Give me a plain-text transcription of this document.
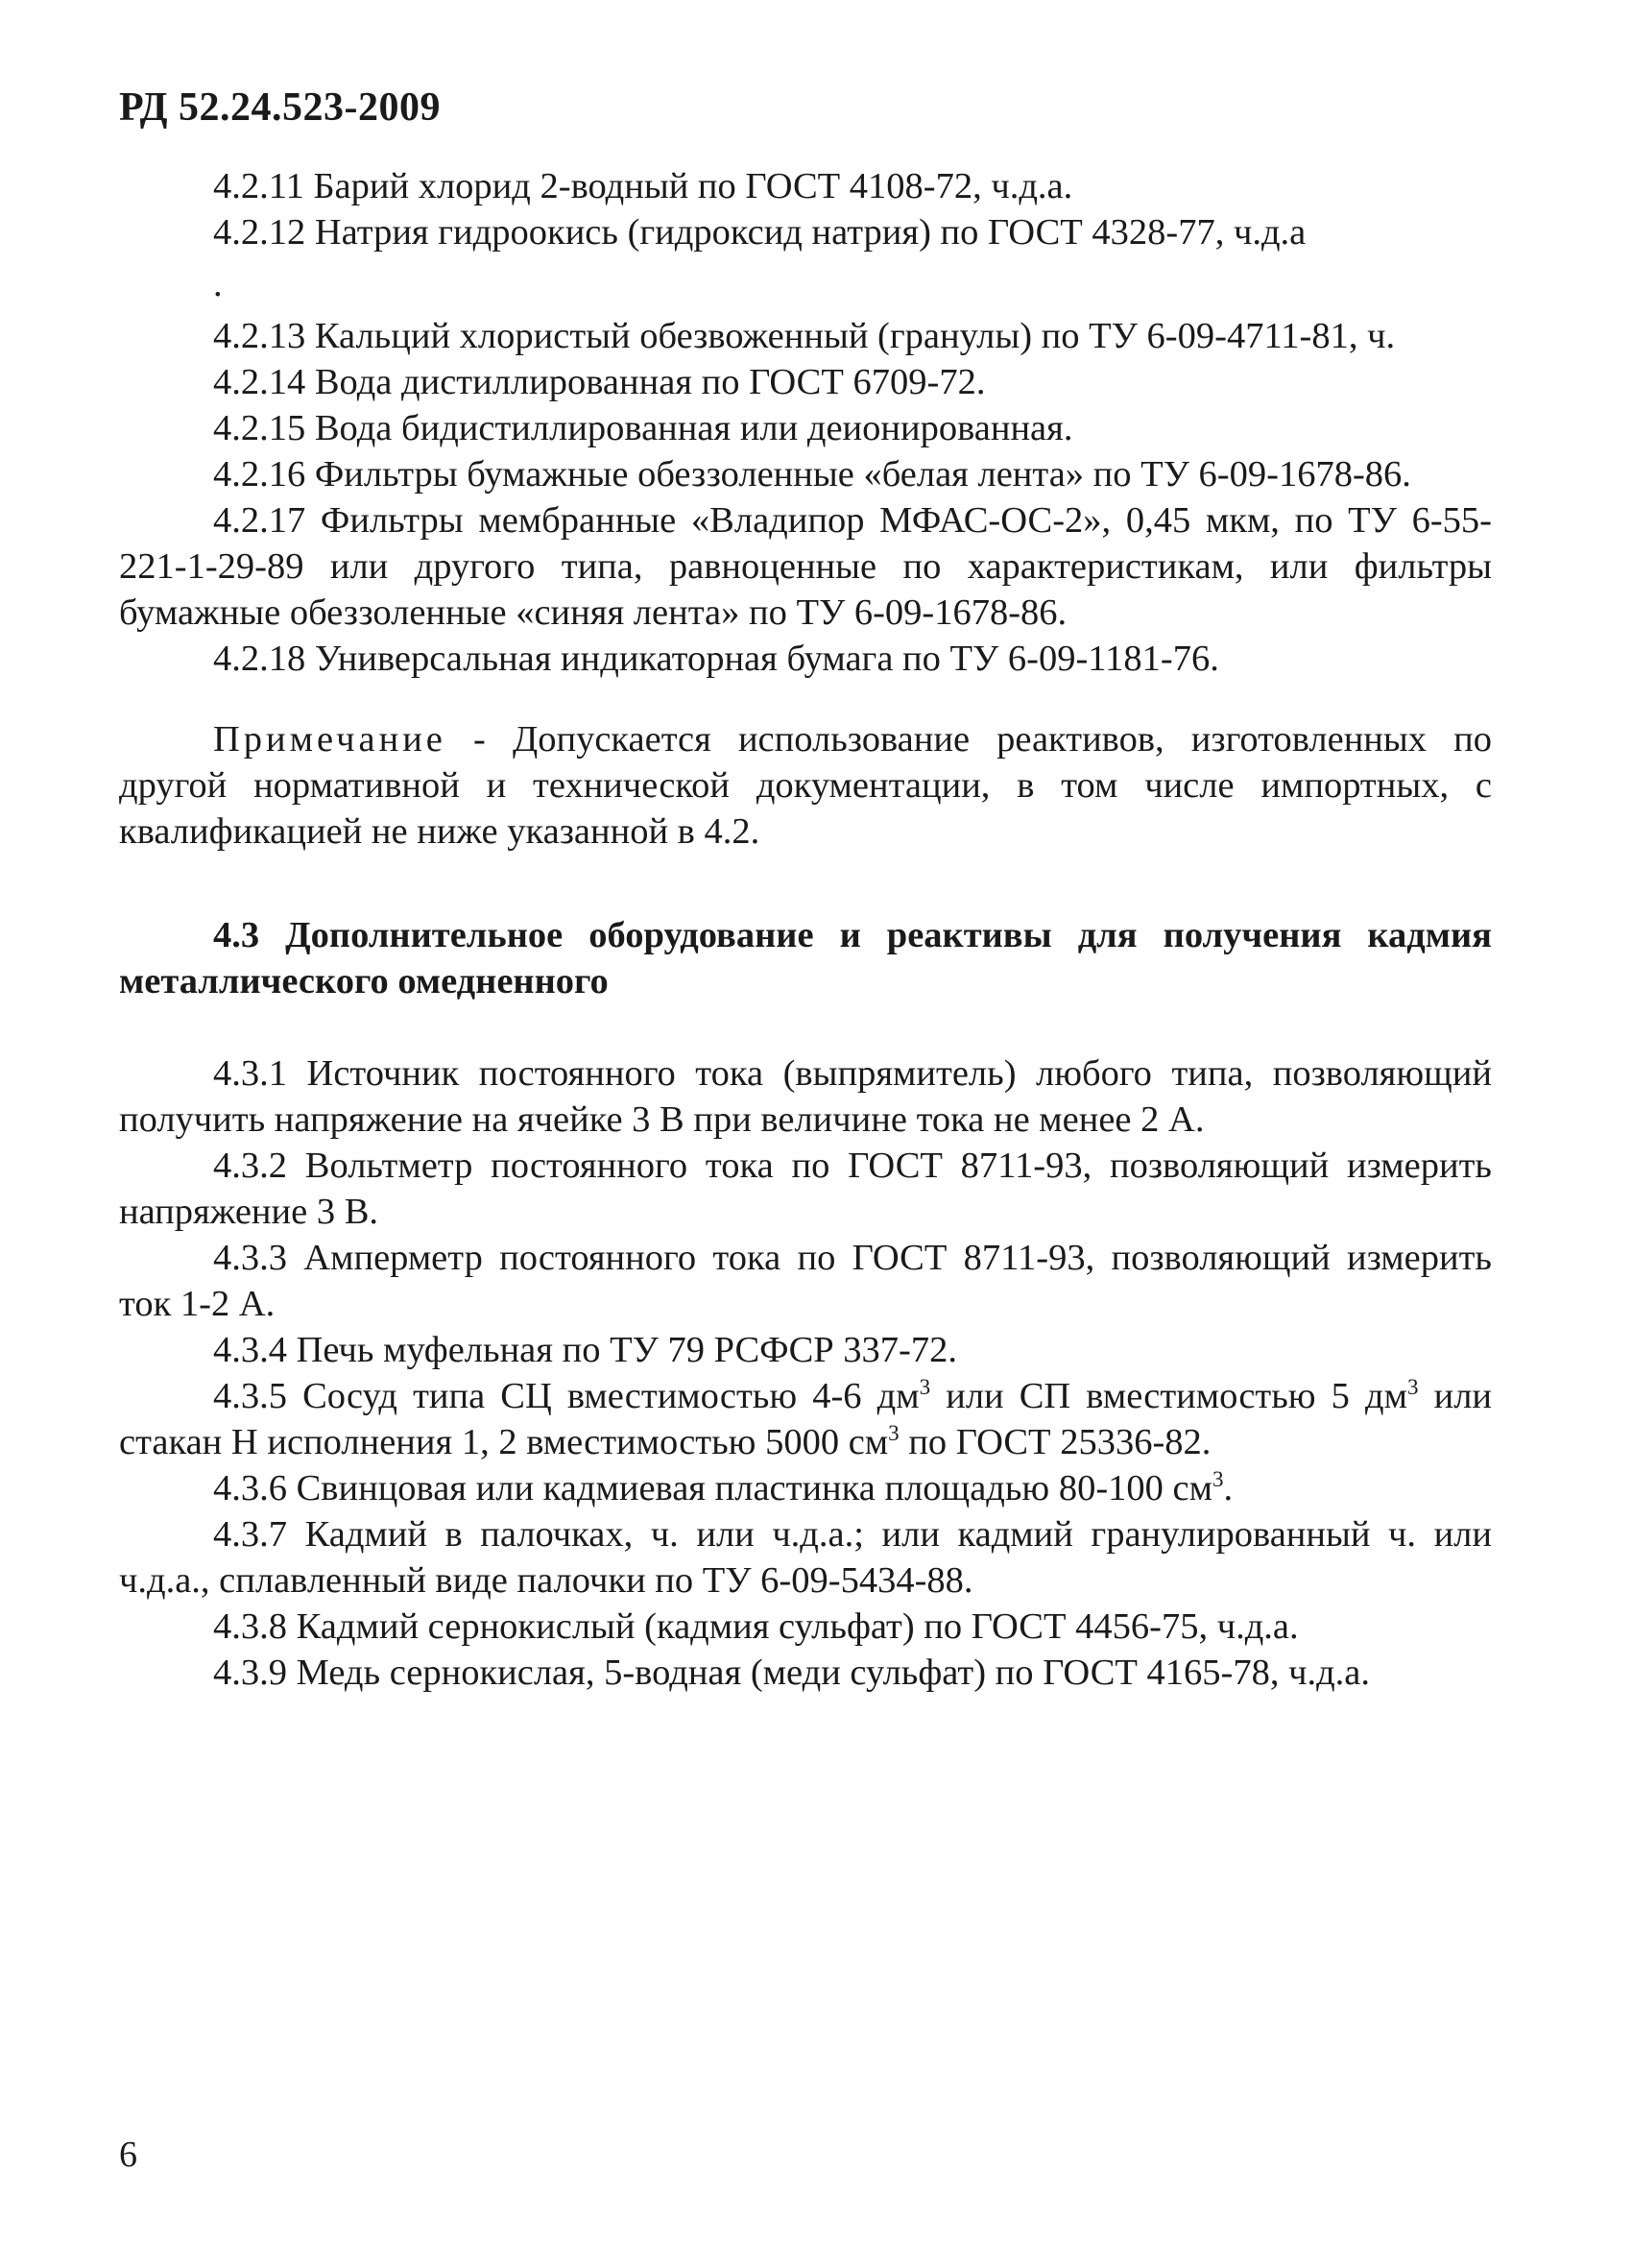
РД 52.24.523-2009

4.2.11 Барий хлорид 2-водный по ГОСТ 4108-72, ч.д.а.

4.2.12 Натрия гидроокись (гидроксид натрия) по ГОСТ 4328-77, ч.д.а

.

4.2.13 Кальций хлористый обезвоженный (гранулы) по ТУ 6-09-4711-81, ч.

4.2.14 Вода дистиллированная по ГОСТ 6709-72.

4.2.15 Вода бидистиллированная или деионированная.

4.2.16 Фильтры бумажные обеззоленные «белая лента» по ТУ 6-09-1678-86.

4.2.17 Фильтры мембранные «Владипор МФАС-ОС-2», 0,45 мкм, по ТУ 6-55-221-1-29-89 или другого типа, равноценные по характеристикам, или фильтры бумажные обеззоленные «синяя лента» по ТУ 6-09-1678-86.

4.2.18 Универсальная индикаторная бумага по ТУ 6-09-1181-76.

Примечание - Допускается использование реактивов, изготовленных по другой нормативной и технической документации, в том числе импортных, с квалификацией не ниже указанной в 4.2.

4.3 Дополнительное оборудование и реактивы для получения кадмия металлического омедненного

4.3.1 Источник постоянного тока (выпрямитель) любого типа, позволяющий получить напряжение на ячейке 3 В при величине тока не менее 2 А.

4.3.2 Вольтметр постоянного тока по ГОСТ 8711-93, позволяющий измерить напряжение 3 В.

4.3.3 Амперметр постоянного тока по ГОСТ 8711-93, позволяющий измерить ток 1-2 А.

4.3.4 Печь муфельная по ТУ 79 РСФСР 337-72.

4.3.5 Сосуд типа СЦ вместимостью 4-6 $дм^3$ или СП вместимостью 5 $дм^3$ или стакан Н исполнения 1, 2 вместимостью 5000 $см^3$ по ГОСТ 25336-82.

4.3.6 Свинцовая или кадмиевая пластинка площадью 80-100 $см^3$.

4.3.7 Кадмий в палочках, ч. или ч.д.а.; или кадмий гранулированный ч. или ч.д.а., сплавленный виде палочки по ТУ 6-09-5434-88.

4.3.8 Кадмий сернокислый (кадмия сульфат) по ГОСТ 4456-75, ч.д.а.

4.3.9 Медь сернокислая, 5-водная (меди сульфат) по ГОСТ 4165-78, ч.д.а.

6
